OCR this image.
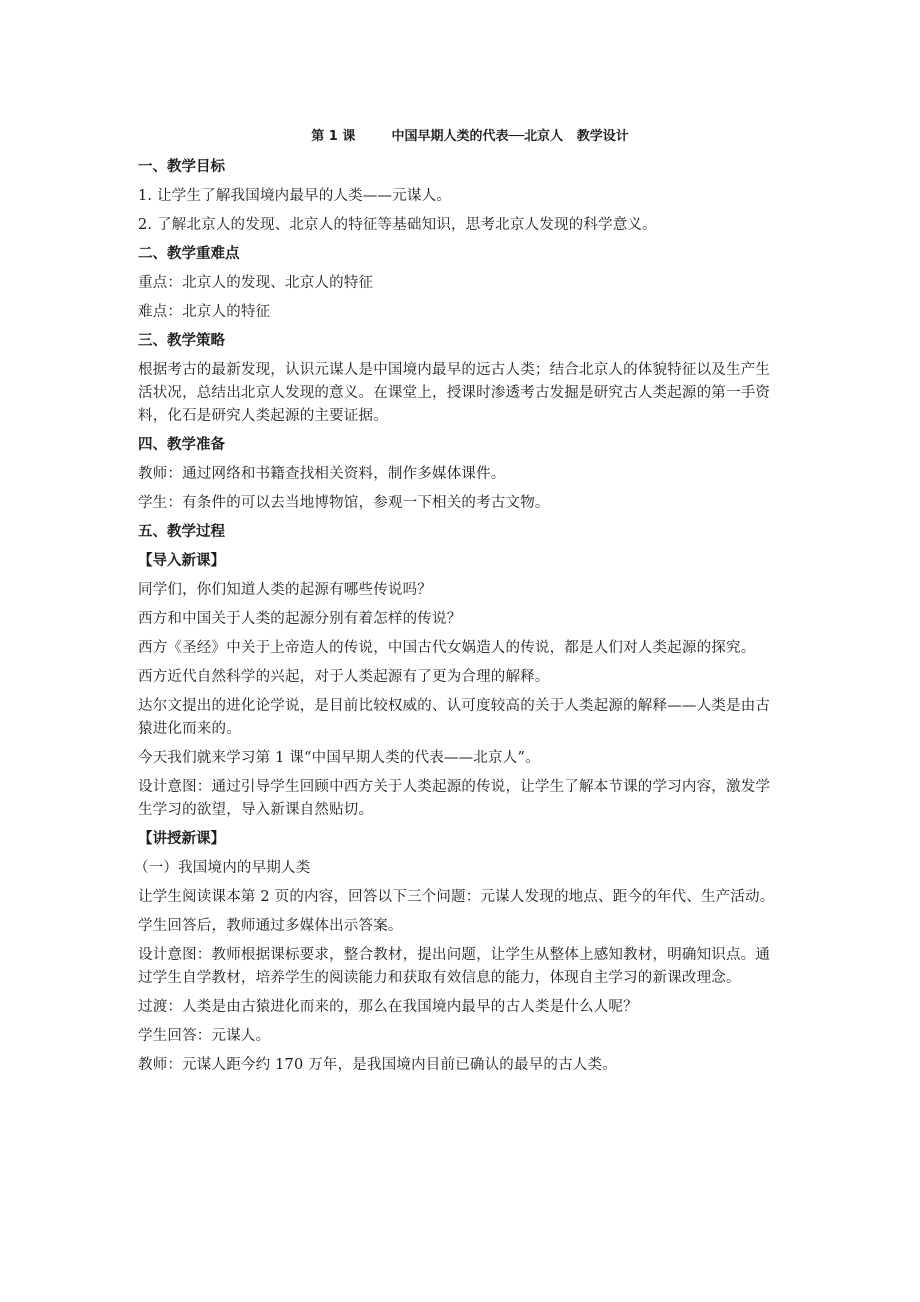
第 1 课        中国早期人类的代表──北京人   教学设计
一、教学目标
1. 让学生了解我国境内最早的人类——元谋人。
2. 了解北京人的发现、北京人的特征等基础知识，思考北京人发现的科学意义。
二、教学重难点
重点：北京人的发现、北京人的特征
难点：北京人的特征
三、教学策略
根据考古的最新发现，认识元谋人是中国境内最早的远古人类；结合北京人的体貌特征以及生产生活状况，总结出北京人发现的意义。在课堂上，授课时渗透考古发掘是研究古人类起源的第一手资料，化石是研究人类起源的主要证据。
四、教学准备
教师：通过网络和书籍查找相关资料，制作多媒体课件。
学生：有条件的可以去当地博物馆，参观一下相关的考古文物。
五、教学过程
【导入新课】
同学们，你们知道人类的起源有哪些传说吗？
西方和中国关于人类的起源分别有着怎样的传说？
西方《圣经》中关于上帝造人的传说，中国古代女娲造人的传说，都是人们对人类起源的探究。
西方近代自然科学的兴起，对于人类起源有了更为合理的解释。
达尔文提出的进化论学说，是目前比较权威的、认可度较高的关于人类起源的解释——人类是由古猿进化而来的。
今天我们就来学习第 1 课“中国早期人类的代表——北京人”。
设计意图：通过引导学生回顾中西方关于人类起源的传说，让学生了解本节课的学习内容，激发学生学习的欲望，导入新课自然贴切。
【讲授新课】
（一）我国境内的早期人类
让学生阅读课本第 2 页的内容，回答以下三个问题：元谋人发现的地点、距今的年代、生产活动。
学生回答后，教师通过多媒体出示答案。
设计意图：教师根据课标要求，整合教材，提出问题，让学生从整体上感知教材，明确知识点。通过学生自学教材，培养学生的阅读能力和获取有效信息的能力，体现自主学习的新课改理念。
过渡：人类是由古猿进化而来的，那么在我国境内最早的古人类是什么人呢？
学生回答：元谋人。
教师：元谋人距今约 170 万年，是我国境内目前已确认的最早的古人类。
